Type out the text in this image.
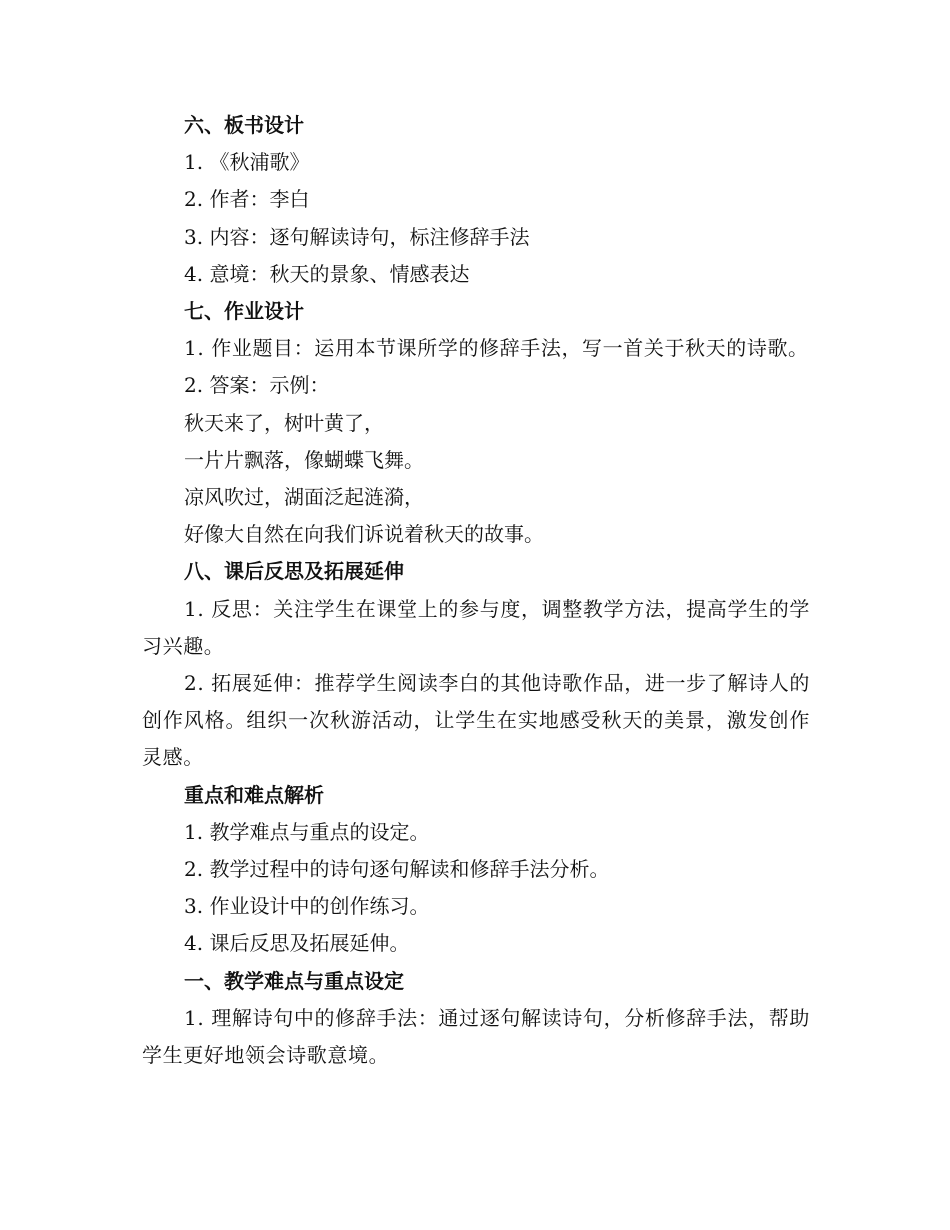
六、板书设计
1. 《秋浦歌》
2. 作者：李白
3. 内容：逐句解读诗句，标注修辞手法
4. 意境：秋天的景象、情感表达
七、作业设计

1. 作业题目：运用本节课所学的修辞手法，写一首关于秋天的诗歌。

2. 答案：示例：
秋天来了，树叶黄了，
一片片飘落，像蝴蝶飞舞。
凉风吹过，湖面泛起涟漪，
好像大自然在向我们诉说着秋天的故事。
八、课后反思及拓展延伸

1. 反思：关注学生在课堂上的参与度，调整教学方法，提高学生的学习兴趣。

2. 拓展延伸：推荐学生阅读李白的其他诗歌作品，进一步了解诗人的创作风格。组织一次秋游活动，让学生在实地感受秋天的美景，激发创作灵感。

重点和难点解析
1. 教学难点与重点的设定。
2. 教学过程中的诗句逐句解读和修辞手法分析。
3. 作业设计中的创作练习。
4. 课后反思及拓展延伸。
一、教学难点与重点设定

1. 理解诗句中的修辞手法：通过逐句解读诗句，分析修辞手法，帮助学生更好地领会诗歌意境。
